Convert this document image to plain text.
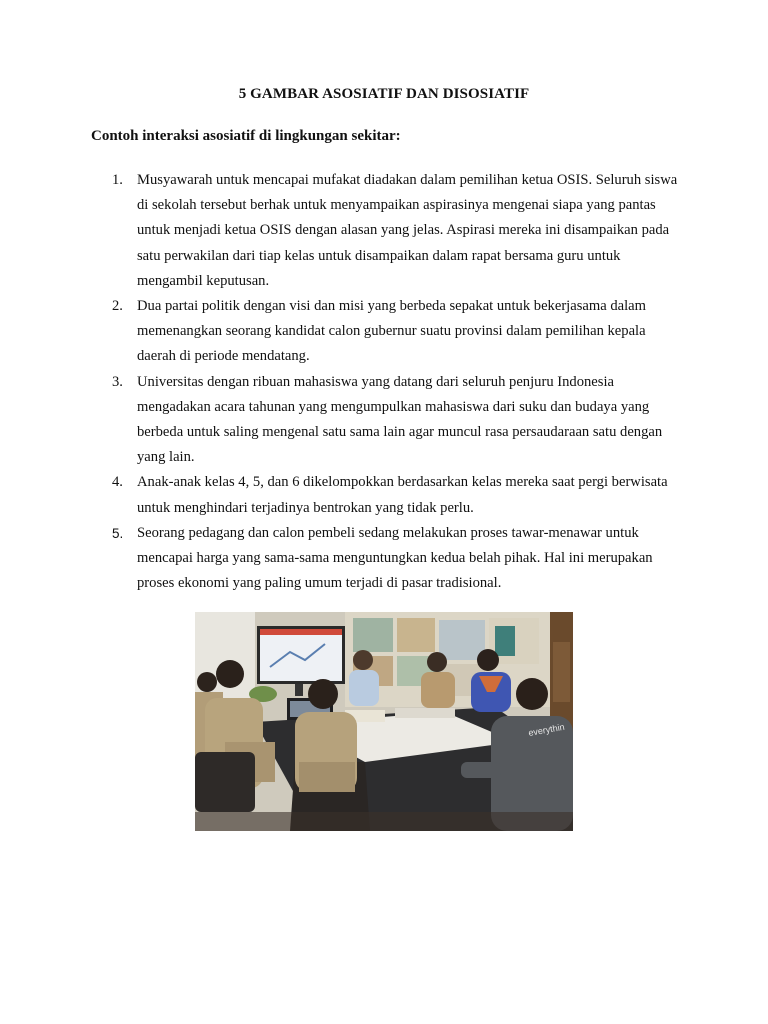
5 GAMBAR ASOSIATIF DAN DISOSIATIF
Contoh interaksi asosiatif di lingkungan sekitar:
1. Musyawarah untuk mencapai mufakat diadakan dalam pemilihan ketua OSIS. Seluruh siswa di sekolah tersebut berhak untuk menyampaikan aspirasinya mengenai siapa yang pantas untuk menjadi ketua OSIS dengan alasan yang jelas. Aspirasi mereka ini disampaikan pada satu perwakilan dari tiap kelas untuk disampaikan dalam rapat bersama guru untuk mengambil keputusan.
2. Dua partai politik dengan visi dan misi yang berbeda sepakat untuk bekerjasama dalam memenangkan seorang kandidat calon gubernur suatu provinsi dalam pemilihan kepala daerah di periode mendatang.
3. Universitas dengan ribuan mahasiswa yang datang dari seluruh penjuru Indonesia mengadakan acara tahunan yang mengumpulkan mahasiswa dari suku dan budaya yang berbeda untuk saling mengenal satu sama lain agar muncul rasa persaudaraan satu dengan yang lain.
4. Anak-anak kelas 4, 5, dan 6 dikelompokkan berdasarkan kelas mereka saat pergi berwisata untuk menghindari terjadinya bentrokan yang tidak perlu.
5. Seorang pedagang dan calon pembeli sedang melakukan proses tawar-menawar untuk mencapai harga yang sama-sama menguntungkan kedua belah pihak. Hal ini merupakan proses ekonomi yang paling umum terjadi di pasar tradisional.
everythin
